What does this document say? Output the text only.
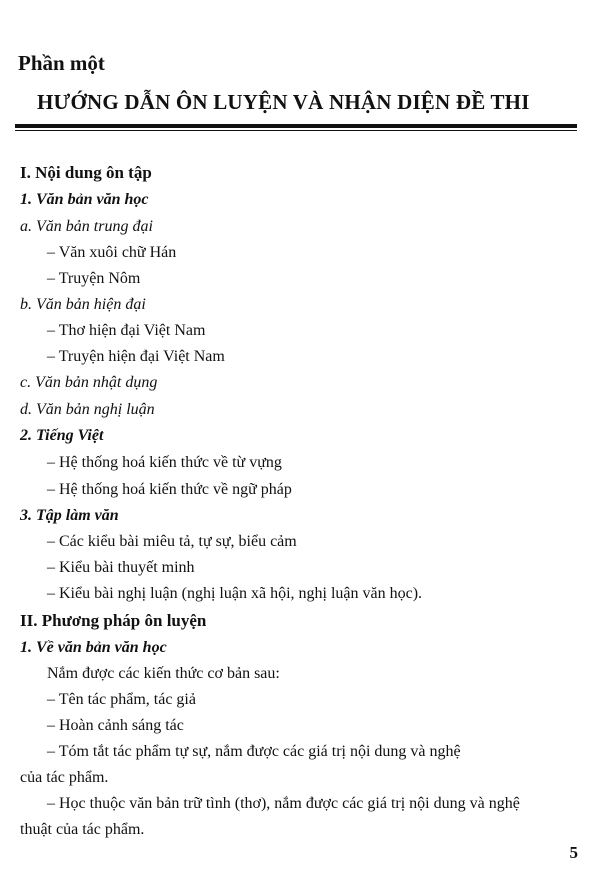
Phần một
HƯỚNG DẪN ÔN LUYỆN VÀ NHẬN DIỆN ĐỀ THI
I. Nội dung ôn tập
1. Văn bản văn học
a. Văn bản trung đại
– Văn xuôi chữ Hán
– Truyện Nôm
b. Văn bản hiện đại
– Thơ hiện đại Việt Nam
– Truyện hiện đại Việt Nam
c. Văn bản nhật dụng
d. Văn bản nghị luận
2. Tiếng Việt
– Hệ thống hoá kiến thức về từ vựng
– Hệ thống hoá kiến thức về ngữ pháp
3. Tập làm văn
– Các kiểu bài miêu tả, tự sự, biểu cảm
– Kiểu bài thuyết minh
– Kiểu bài nghị luận (nghị luận xã hội, nghị luận văn học).
II. Phương pháp ôn luyện
1. Về văn bản văn học
Nắm được các kiến thức cơ bản sau:
– Tên tác phẩm, tác giả
– Hoàn cảnh sáng tác
– Tóm tắt tác phẩm tự sự, nắm được các giá trị nội dung và nghệ
của tác phẩm.
– Học thuộc văn bản trữ tình (thơ), nắm được các giá trị nội dung và nghệ
thuật của tác phẩm.
5
